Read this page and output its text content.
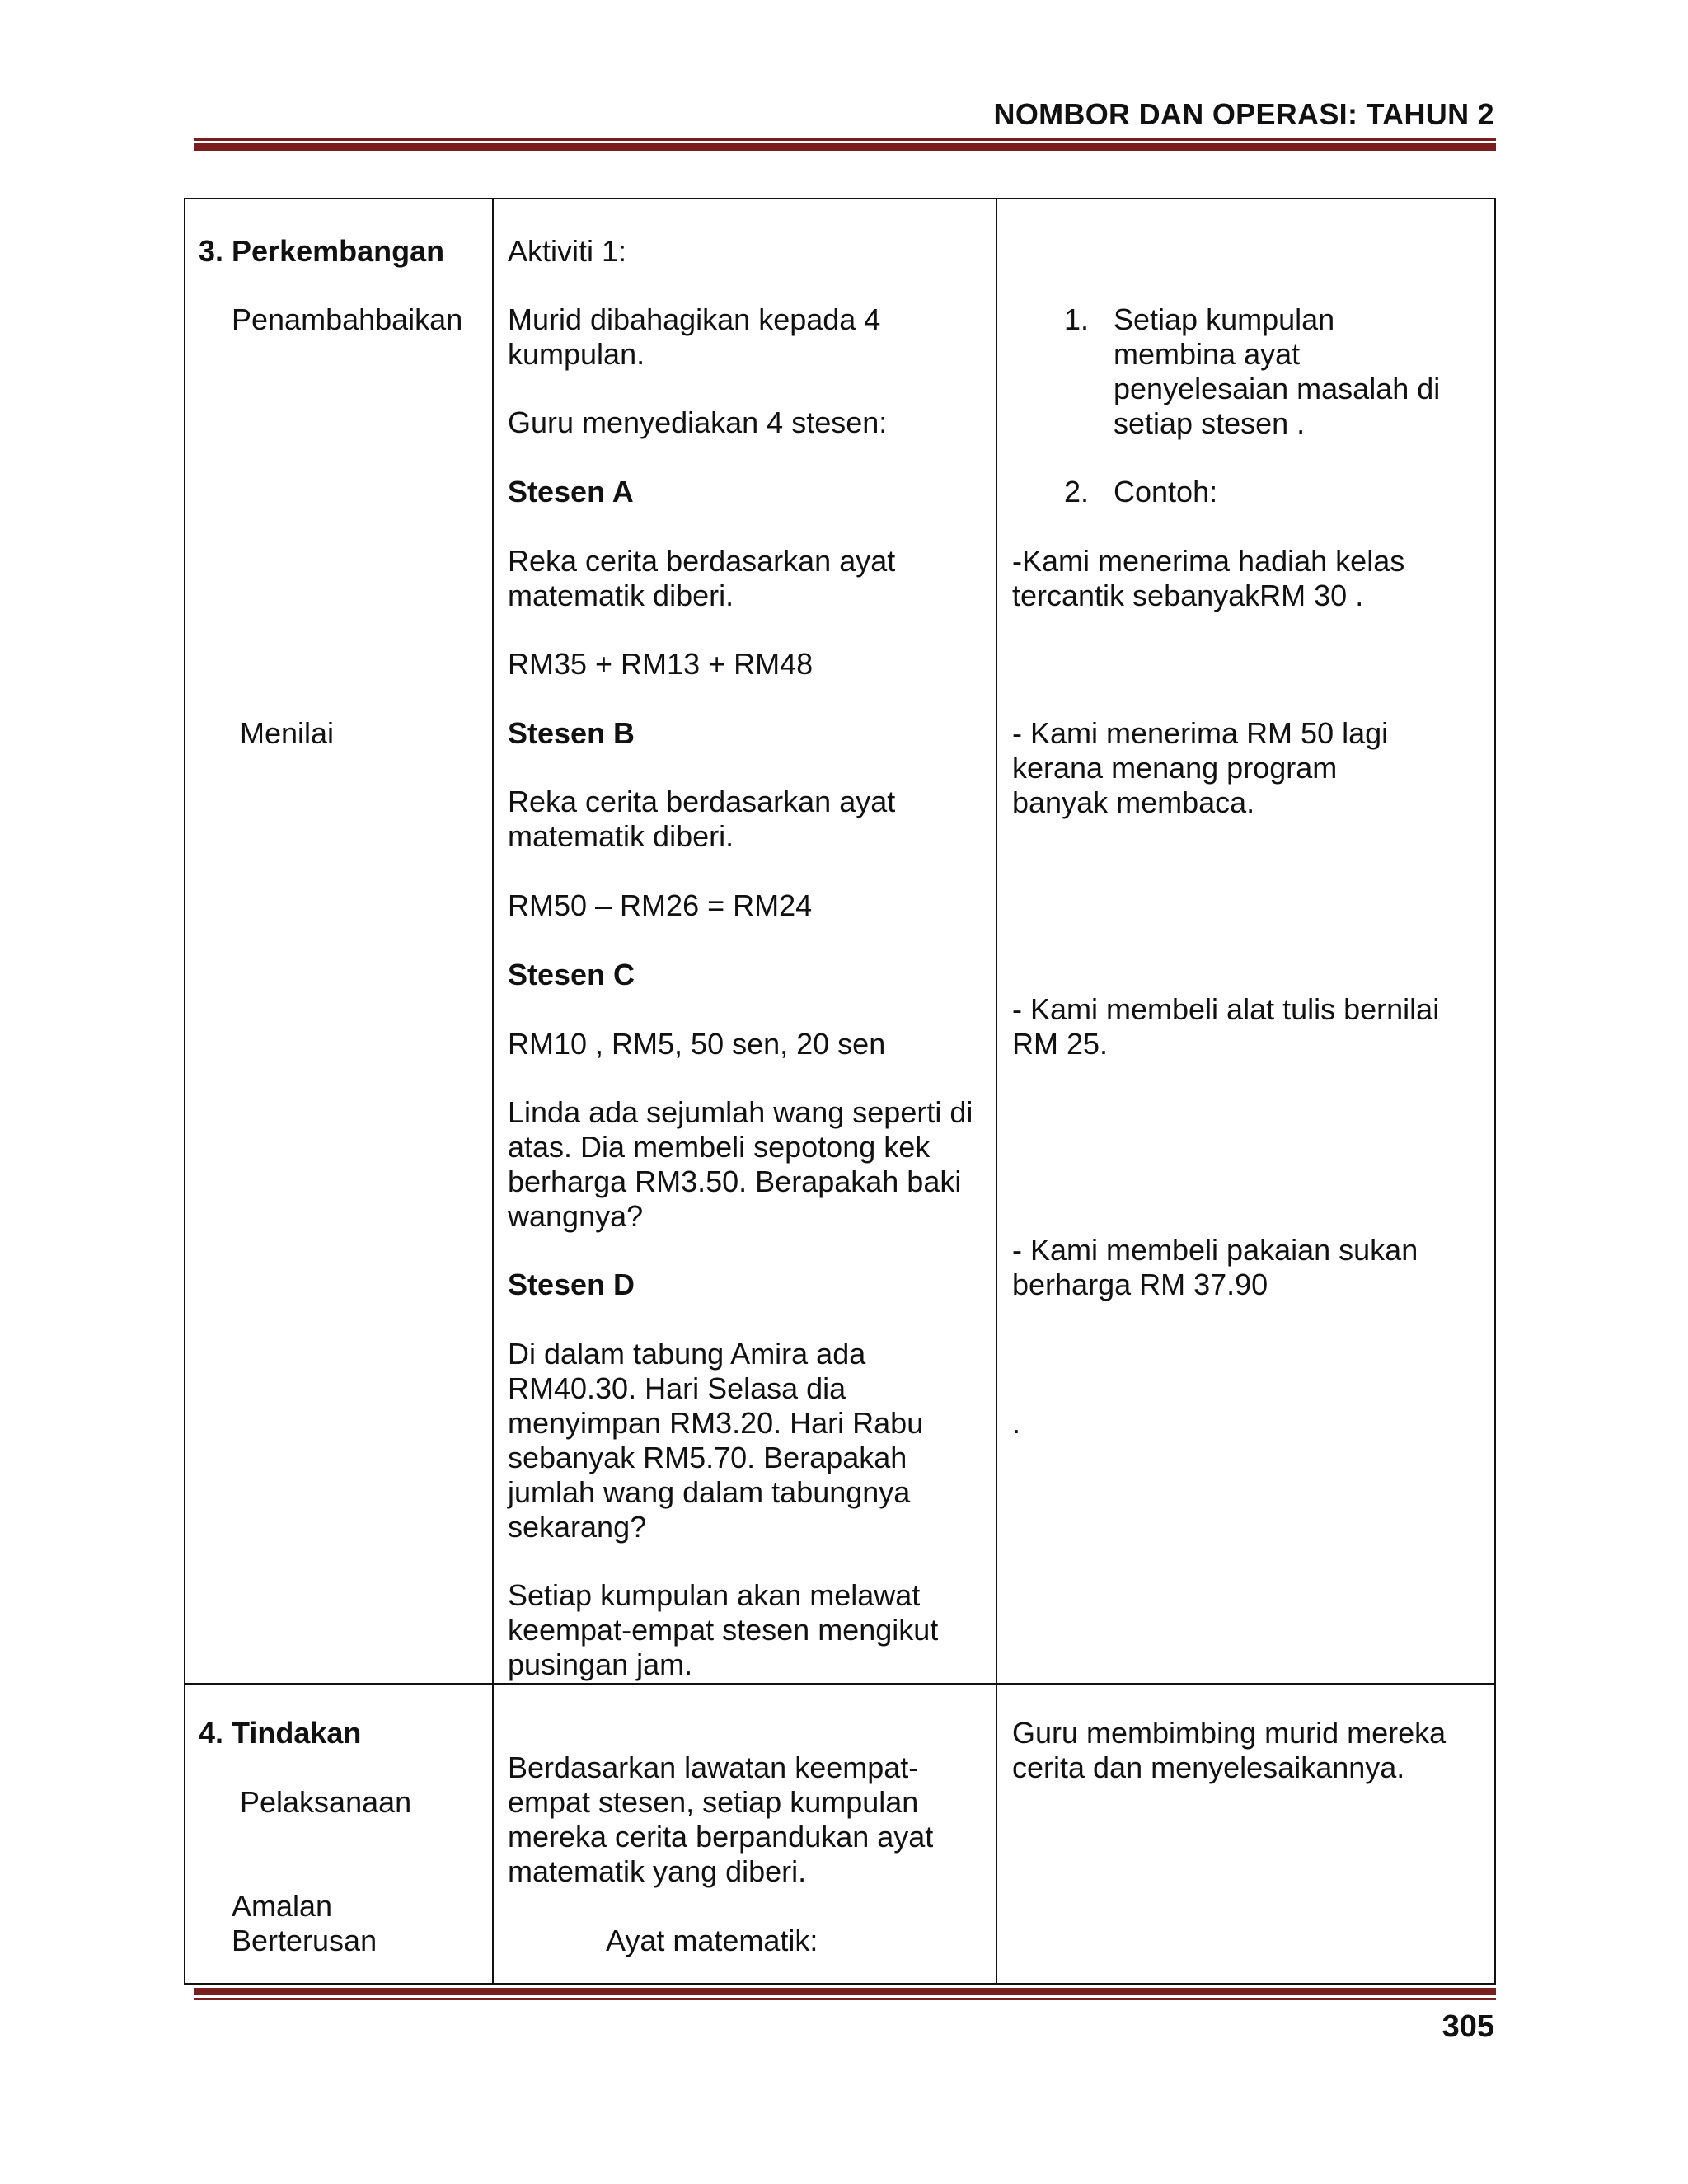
NOMBOR DAN OPERASI: TAHUN 2
3. Perkembangan
Penambahbaikan
Menilai
Aktiviti 1:
Murid dibahagikan kepada 4
kumpulan.
Guru menyediakan 4 stesen:
Stesen A
Reka cerita berdasarkan ayat
matematik diberi.
RM35 + RM13 + RM48
Stesen B
Reka cerita berdasarkan ayat
matematik diberi.
RM50 – RM26 = RM24
Stesen C
RM10 , RM5, 50 sen, 20 sen
Linda ada sejumlah wang seperti di
atas. Dia membeli sepotong kek
berharga RM3.50. Berapakah baki
wangnya?
Stesen D
Di dalam tabung Amira ada
RM40.30. Hari Selasa dia
menyimpan RM3.20. Hari Rabu
sebanyak RM5.70. Berapakah
jumlah wang dalam tabungnya
sekarang?
Setiap kumpulan akan melawat
keempat-empat stesen mengikut
pusingan jam.
1. Setiap kumpulan
membina ayat
penyelesaian masalah di
setiap stesen .
2. Contoh:
-Kami menerima hadiah kelas
tercantik sebanyakRM 30 .
- Kami menerima RM 50 lagi
kerana menang program
banyak membaca.
- Kami membeli alat tulis bernilai
RM 25.
- Kami membeli pakaian sukan
berharga RM 37.90
.
4. Tindakan
Pelaksanaan
Amalan
Berterusan
Berdasarkan lawatan keempat-
empat stesen, setiap kumpulan
mereka cerita berpandukan ayat
matematik yang diberi.
Ayat matematik:
Guru membimbing murid mereka
cerita dan menyelesaikannya.
305
